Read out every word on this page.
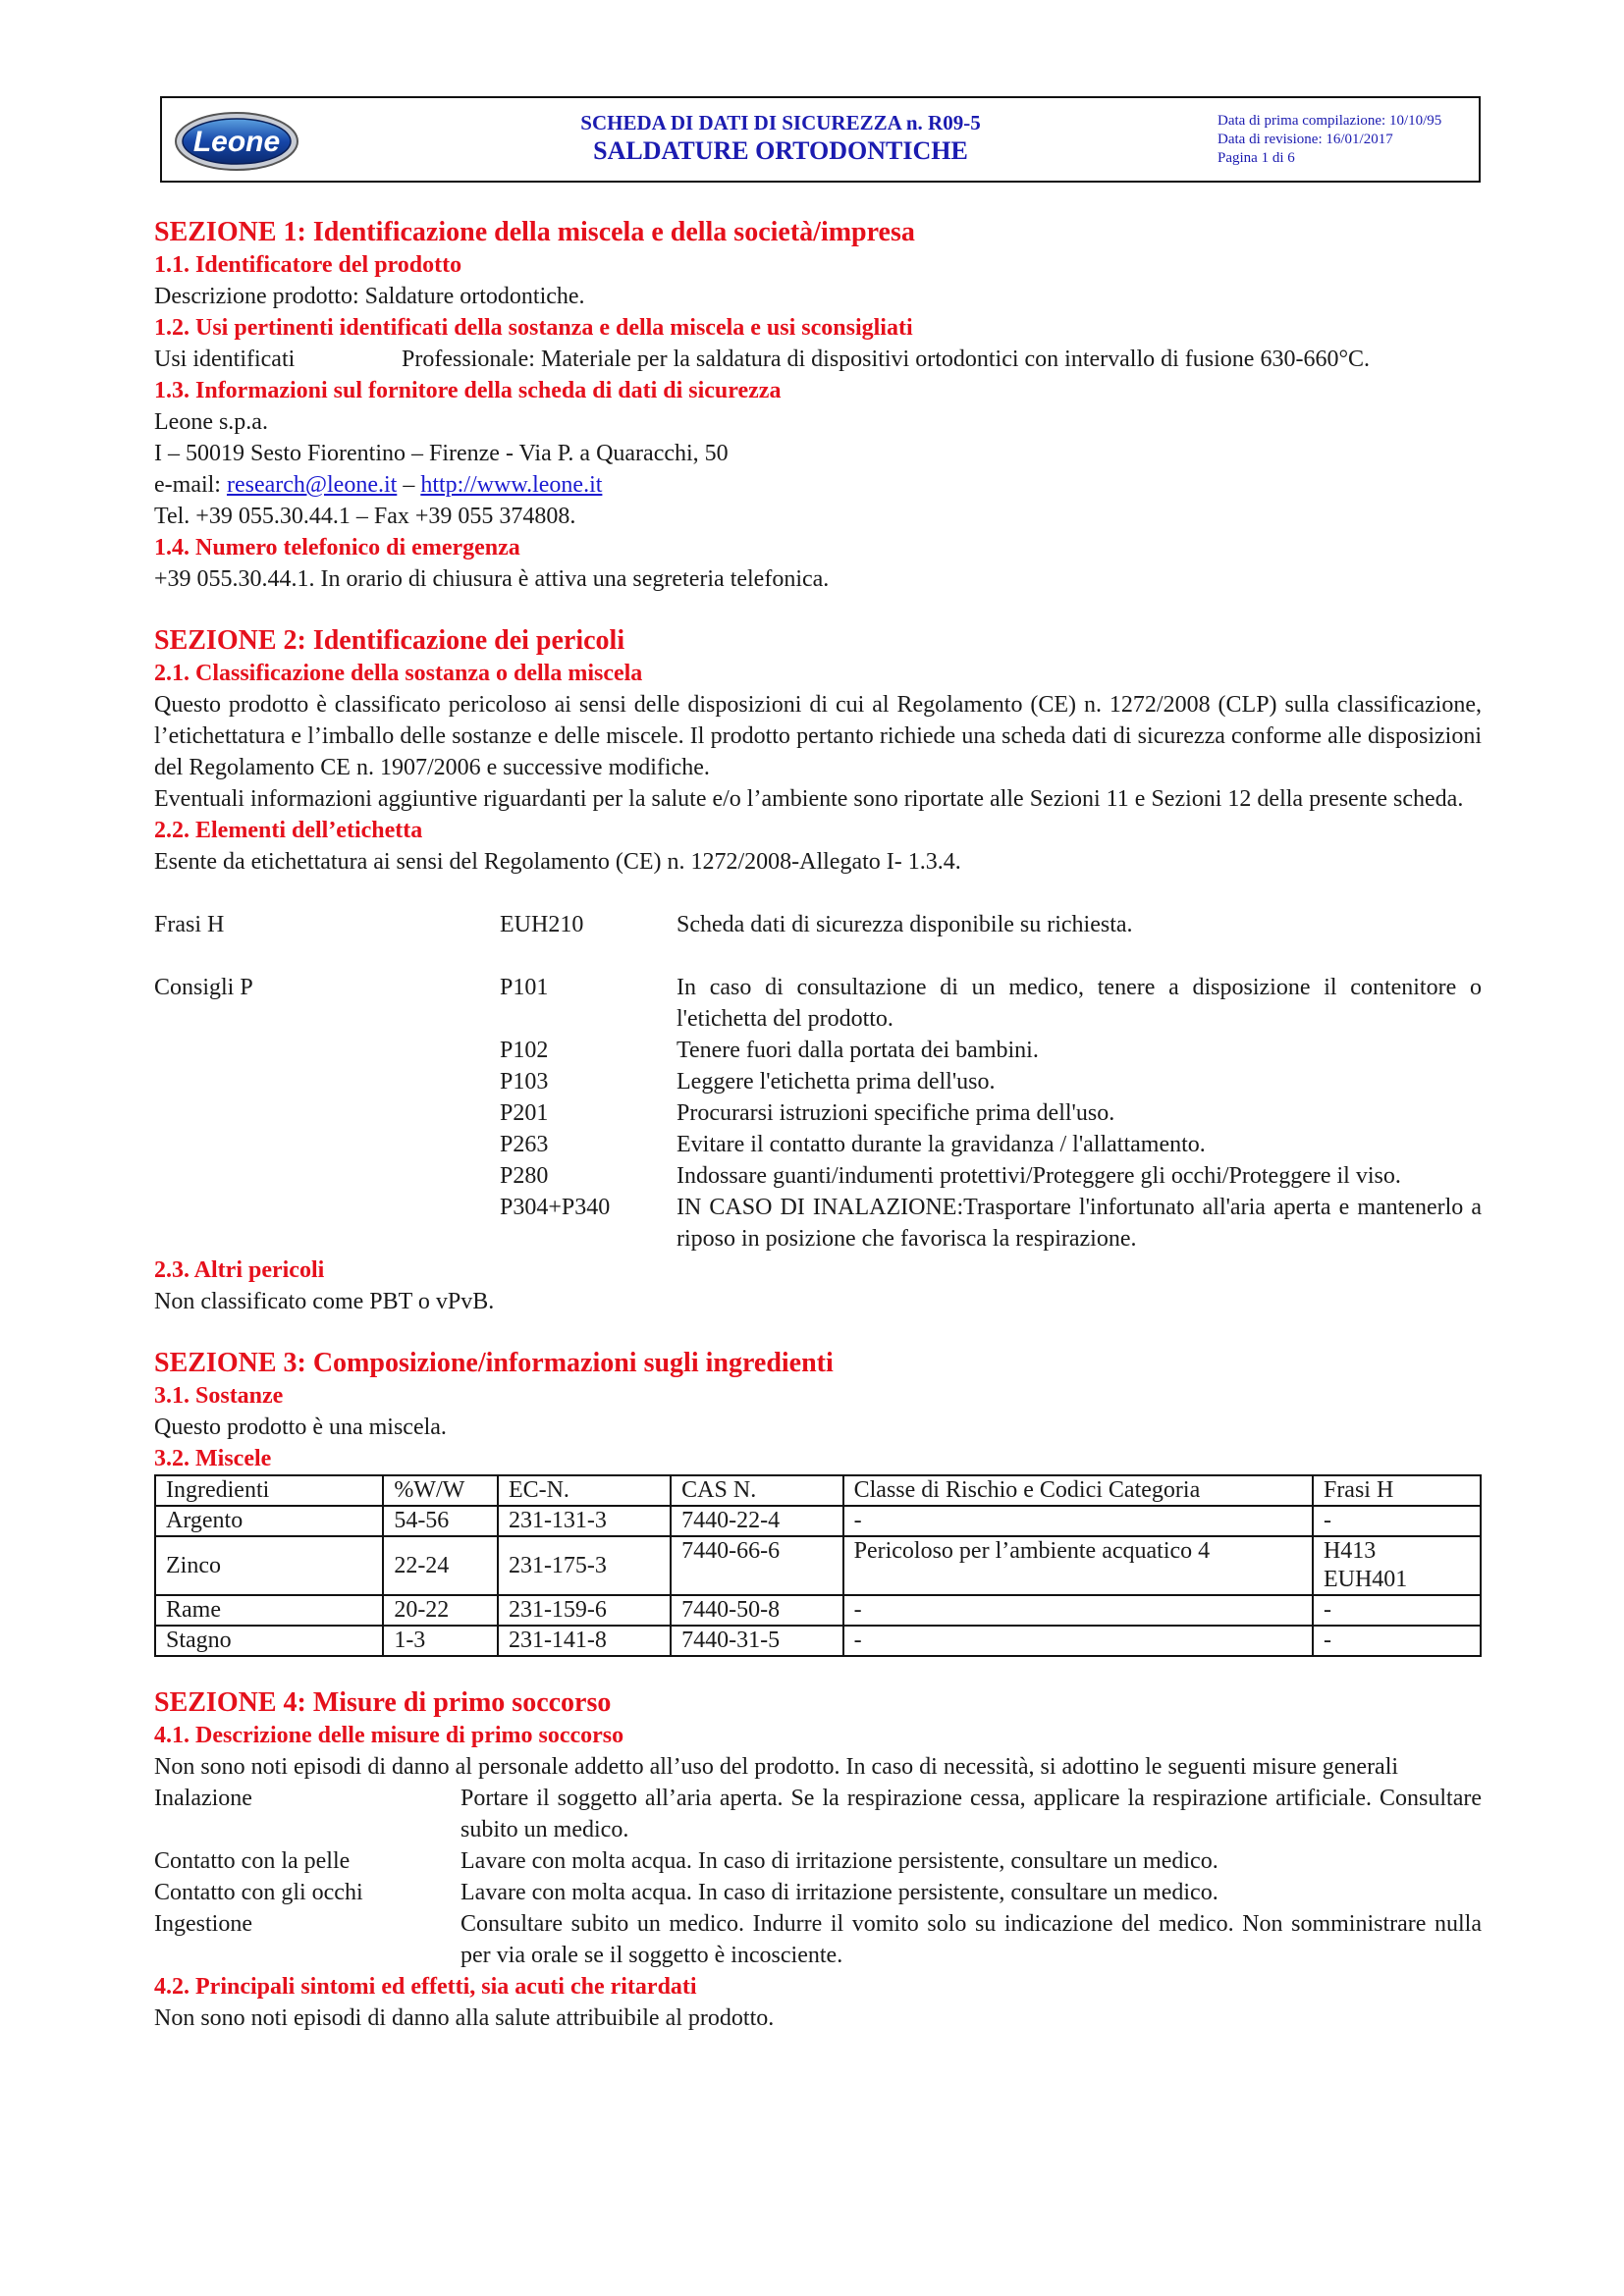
Leone
SCHEDA DI DATI DI SICUREZZA n. R09-5
SALDATURE ORTODONTICHE
Data di prima compilazione: 10/10/95
Data di revisione: 16/01/2017
Pagina 1 di 6
SEZIONE 1: Identificazione della miscela e della società/impresa
1.1. Identificatore del prodotto
Descrizione prodotto: Saldature ortodontiche.
1.2. Usi pertinenti identificati della sostanza e della miscela e usi sconsigliati
Usi identificati	Professionale: Materiale per la saldatura di dispositivi ortodontici con intervallo di fusione 630-660°C.
1.3. Informazioni sul fornitore della scheda di dati di sicurezza
Leone s.p.a.
I – 50019 Sesto Fiorentino – Firenze - Via P. a Quaracchi, 50
e-mail: research@leone.it – http://www.leone.it
Tel. +39 055.30.44.1 – Fax +39 055 374808.
1.4. Numero telefonico di emergenza
+39 055.30.44.1. In orario di chiusura è attiva una segreteria telefonica.
SEZIONE 2: Identificazione dei pericoli
2.1. Classificazione della sostanza o della miscela
Questo prodotto è classificato pericoloso ai sensi delle disposizioni di cui al Regolamento (CE) n. 1272/2008 (CLP) sulla classificazione, l’etichettatura e l’imballo delle sostanze e delle miscele. Il prodotto pertanto richiede una scheda dati di sicurezza conforme alle disposizioni del Regolamento CE n. 1907/2006 e successive modifiche.
Eventuali informazioni aggiuntive riguardanti per la salute e/o l’ambiente sono riportate alle Sezioni 11 e Sezioni 12 della presente scheda.
2.2. Elementi dell’etichetta
Esente da etichettatura ai sensi del Regolamento (CE) n. 1272/2008-Allegato I- 1.3.4.
Frasi H	EUH210	Scheda dati di sicurezza disponibile su richiesta.
Consigli P	P101	In caso di consultazione di un medico, tenere a disposizione il contenitore o l'etichetta del prodotto.
P102	Tenere fuori dalla portata dei bambini.
P103	Leggere l'etichetta prima dell'uso.
P201	Procurarsi istruzioni specifiche prima dell'uso.
P263	Evitare il contatto durante la gravidanza / l'allattamento.
P280	Indossare guanti/indumenti protettivi/Proteggere gli occhi/Proteggere il viso.
P304+P340	IN CASO DI INALAZIONE:Trasportare l'infortunato all'aria aperta e mantenerlo a riposo in posizione che favorisca la respirazione.
2.3. Altri pericoli
Non classificato come PBT o vPvB.
SEZIONE 3: Composizione/informazioni sugli ingredienti
3.1. Sostanze
Questo prodotto è una miscela.
3.2. Miscele
Ingredienti	%W/W	EC-N.	CAS N.	Classe di Rischio e Codici Categoria	Frasi H
Argento	54-56	231-131-3	7440-22-4	-	-
Zinco	22-24	231-175-3	7440-66-6	Pericoloso per l’ambiente acquatico 4	H413
EUH401

Rame	20-22	231-159-6	7440-50-8	-	-
Stagno	1-3	231-141-8	7440-31-5	-	-
SEZIONE 4: Misure di primo soccorso
4.1. Descrizione delle misure di primo soccorso
Non sono noti episodi di danno al personale addetto all’uso del prodotto. In caso di necessità, si adottino le seguenti misure generali
Inalazione	Portare il soggetto all’aria aperta. Se la respirazione cessa, applicare la respirazione artificiale. Consultare subito un medico.
Contatto con la pelle	Lavare con molta acqua. In caso di irritazione persistente, consultare un medico.
Contatto con gli occhi	Lavare con molta acqua. In caso di irritazione persistente, consultare un medico.
Ingestione	Consultare subito un medico. Indurre il vomito solo su indicazione del medico. Non somministrare nulla per via orale se il soggetto è incosciente.
4.2. Principali sintomi ed effetti, sia acuti che ritardati
Non sono noti episodi di danno alla salute attribuibile al prodotto.
